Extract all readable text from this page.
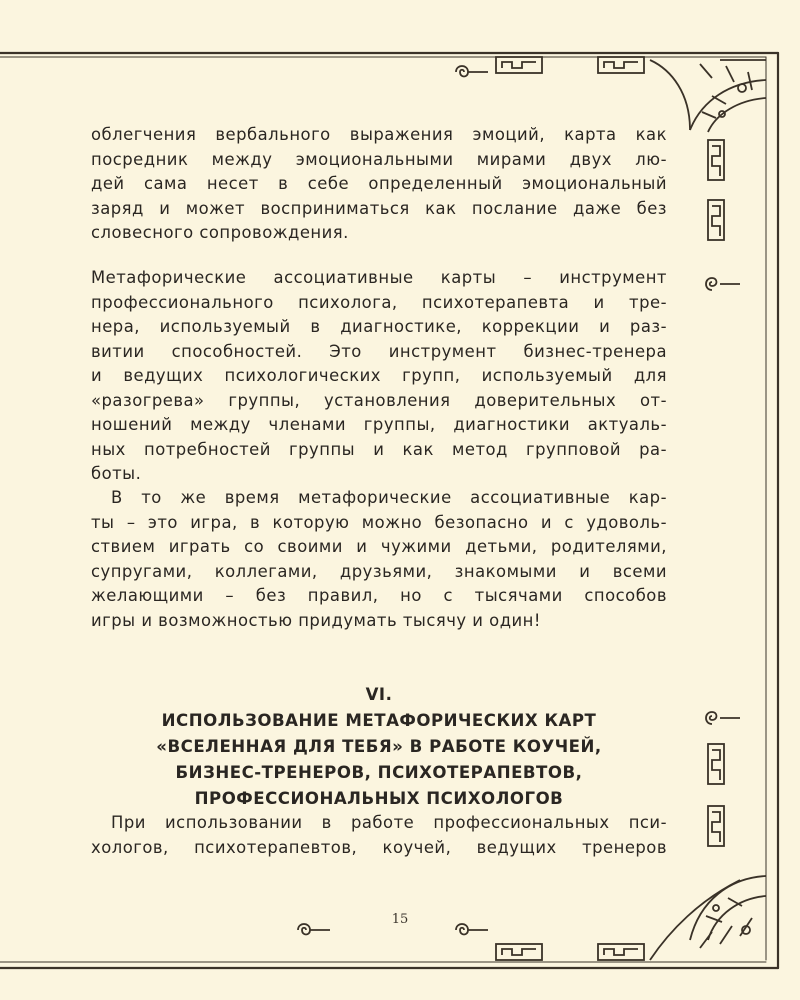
облегчения вербального выражения эмоций, карта как
посредник между эмоциональными мирами двух лю-
дей сама несет в себе определенный эмоциональный
заряд и может восприниматься как послание даже без
словесного сопровождения.
Метафорические ассоциативные карты – инструмент
профессионального психолога, психотерапевта и тре-
нера, используемый в диагностике, коррекции и раз-
витии способностей. Это инструмент бизнес-тренера
и ведущих психологических групп, используемый для
«разогрева» группы, установления доверительных от-
ношений между членами группы, диагностики актуаль-
ных потребностей группы и как метод групповой ра-
боты.
В то же время метафорические ассоциативные кар-
ты – это игра, в которую можно безопасно и с удоволь-
ствием играть со своими и чужими детьми, родителями,
супругами, коллегами, друзьями, знакомыми и всеми
желающими – без правил, но с тысячами способов
игры и возможностью придумать тысячу и один!
VI.
ИСПОЛЬЗОВАНИЕ МЕТАФОРИЧЕСКИХ КАРТ
«ВСЕЛЕННАЯ ДЛЯ ТЕБЯ» В РАБОТЕ КОУЧЕЙ,
БИЗНЕС-ТРЕНЕРОВ, ПСИХОТЕРАПЕВТОВ,
ПРОФЕССИОНАЛЬНЫХ ПСИХОЛОГОВ
При использовании в работе профессиональных пси-
хологов, психотерапевтов, коучей, ведущих тренеров
15
